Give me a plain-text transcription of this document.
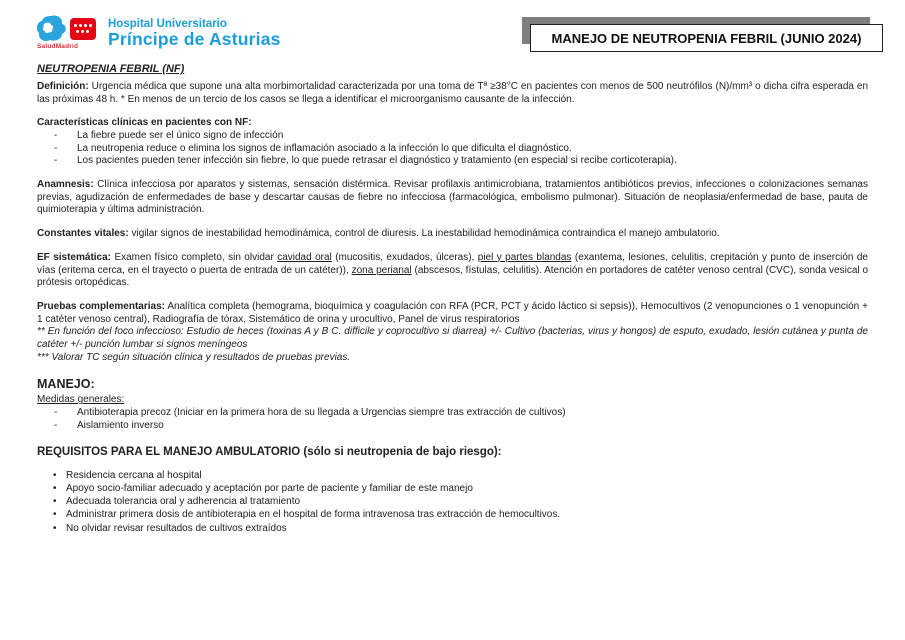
SaludMadrid
Hospital Universitario
Príncipe de Asturias	MANEJO DE NEUTROPENIA FEBRIL (JUNIO 2024)
NEUTROPENIA FEBRIL (NF)

Definición: Urgencia médica que supone una alta morbimortalidad caracterizada por una toma de Tª ≥38°C en pacientes con menos de 500 neutrófilos (N)/mm³ o dicha cifra esperada en las próximas 48 h. * En menos de un tercio de los casos se llega a identificar el microorganismo causante de la infección.

Características clínicas en pacientes con NF:

-	La fiebre puede ser el único signo de infección
-	La neutropenia reduce o elimina los signos de inflamación asociado a la infección lo que dificulta el diagnóstico.
-	Los pacientes pueden tener infección sin fiebre, lo que puede retrasar el diagnóstico y tratamiento (en especial si recibe corticoterapia).

Anamnesis: Clínica infecciosa por aparatos y sistemas, sensación distérmica. Revisar profilaxis antimicrobiana, tratamientos antibióticos previos, infecciones o colonizaciones semanas previas, agudización de enfermedades de base y descartar causas de fiebre no infecciosa (farmacológica, embolismo pulmonar). Situación de neoplasia/enfermedad de base, pauta de quimioterapia y última administración.

Constantes vitales: vigilar signos de inestabilidad hemodinámica, control de diuresis. La inestabilidad hemodinámica contraindica el manejo ambulatorio.

EF sistemática: Examen físico completo, sin olvidar cavidad oral (mucositis, exudados, úlceras), piel y partes blandas (exantema, lesiones, celulitis, crepitación y punto de inserción de vías (eritema cerca, en el trayecto o puerta de entrada de un catéter)), zona perianal (abscesos, fístulas, celulitis). Atención en portadores de catéter venoso central (CVC), sonda vesical o prótesis ortopédicas.

Pruebas complementarias: Analítica completa (hemograma, bioquímica y coagulación con RFA (PCR, PCT y ácido láctico si sepsis)), Hemocultivos (2 venopunciones o 1 venopunción + 1 catéter venoso central), Radiografía de tórax, Sistemático de orina y urocultivo, Panel de virus respiratorios

** En función del foco infeccioso: Estudio de heces (toxinas A y B C. difficile y coprocultivo si diarrea) +/- Cultivo (bacterias, virus y hongos) de esputo, exudado, lesión cutánea y punta de catéter +/- punción lumbar si signos meníngeos

*** Valorar TC según situación clínica y resultados de pruebas previas.

MANEJO:

Medidas generales:

-	Antibioterapia precoz (Iniciar en la primera hora de su llegada a Urgencias siempre tras extracción de cultivos)
-	Aislamiento inverso
REQUISITOS PARA EL MANEJO AMBULATORIO (sólo si neutropenia de bajo riesgo):
• Residencia cercana al hospital
• Apoyo socio-familiar adecuado y aceptación por parte de paciente y familiar de este manejo
• Adecuada tolerancia oral y adherencia al tratamiento
• Administrar primera dosis de antibioterapia en el hospital de forma intravenosa tras extracción de hemocultivos.
• No olvidar revisar resultados de cultivos extraídos
